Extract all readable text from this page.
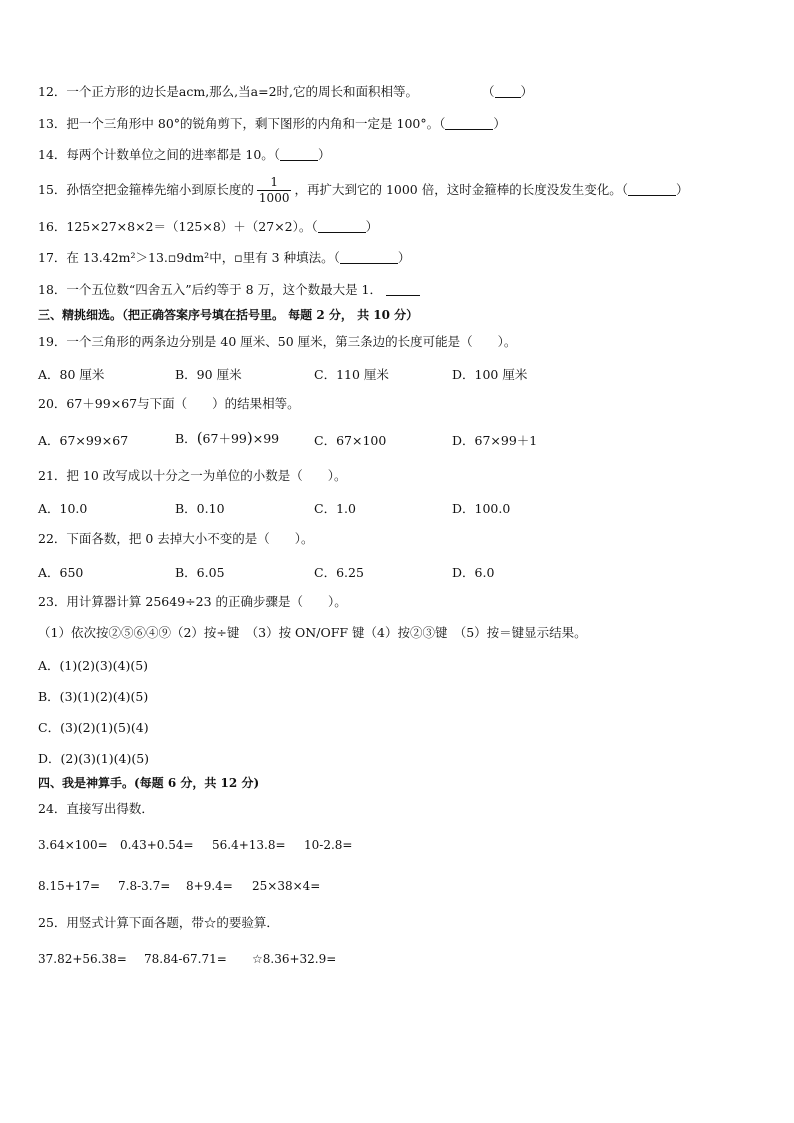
12．一个正方形的边长是acm,那么,当a=2时,它的周长和面积相等。	（ ）
13．把一个三角形中 80°的锐角剪下，剩下图形的内角和一定是 100°。（	）
14．每两个计数单位之间的进率都是 10。（	）
15．孙悟空把金箍棒先缩小到原长度的 $\frac{1}{1000}$ ，再扩大到它的 1000 倍，这时金箍棒的长度没发生变化。（	）
16．125×27×8×2＝（125×8）＋（27×2）。（	）
17．在 13.42m²＞13.▫9dm²中，▫里有 3 种填法。（	）
18．一个五位数“四舍五入”后约等于 8 万，这个数最大是 1．
三、精挑细选。（把正确答案序号填在括号里。 每题 2 分， 共 10 分）
19．一个三角形的两条边分别是 40 厘米、50 厘米，第三条边的长度可能是（　　）。
A．80 厘米	B．90 厘米	C．110 厘米	D．100 厘米
20．67＋99×67与下面（　　）的结果相等。
A．67×99×67	B．(67＋99)×99	C．67×100	D．67×99＋1
21．把 10 改写成以十分之一为单位的小数是（　　）。
A．10.0	B．0.10	C．1.0	D．100.0
22．下面各数，把 0 去掉大小不变的是（　　）。
A．650	B．6.05	C．6.25	D．6.0
23．用计算器计算 25649÷23 的正确步骤是（　　）。
（1）依次按②⑤⑥④⑨（2）按÷键　（3）按 ON/OFF 键（4）按②③键　（5）按＝键显示结果。
A．(1)(2)(3)(4)(5)
B．(3)(1)(2)(4)(5)
C．(3)(2)(1)(5)(4)
D．(2)(3)(1)(4)(5)
四、我是神算手。(每题 6 分，共 12 分)
24．直接写出得数．
3.64×100= 0.43+0.54= 56.4+13.8= 10-2.8=
8.15+17= 7.8-3.7= 8+9.4= 25×38×4=
25．用竖式计算下面各题，带☆的要验算．
37.82+56.38= 78.84-67.71= ☆8.36+32.9=
